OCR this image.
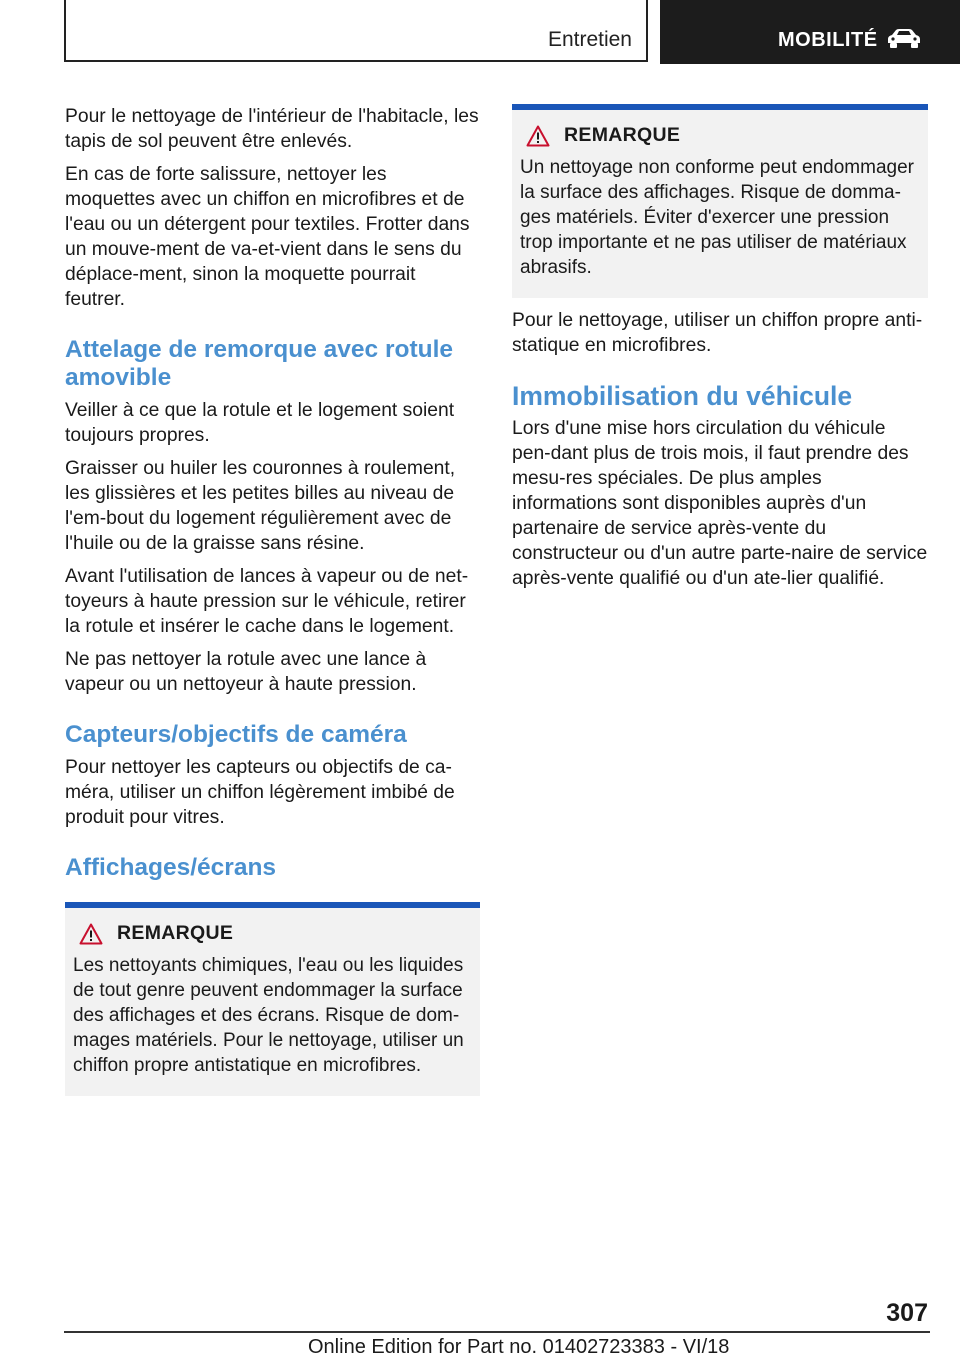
Entretien	MOBILITÉ

Pour le nettoyage de l'intérieur de l'habitacle, les tapis de sol peuvent être enlevés.

En cas de forte salissure, nettoyer les moquettes avec un chiffon en microfibres et de l'eau ou un détergent pour textiles. Frotter dans un mouve-ment de va-et-vient dans le sens du déplace-ment, sinon la moquette pourrait feutrer.

Attelage de remorque avec rotule amovible

Veiller à ce que la rotule et le logement soient toujours propres.

Graisser ou huiler les couronnes à roulement, les glissières et les petites billes au niveau de l'em-bout du logement régulièrement avec de l'huile ou de la graisse sans résine.

Avant l'utilisation de lances à vapeur ou de net-toyeurs à haute pression sur le véhicule, retirer la rotule et insérer le cache dans le logement.

Ne pas nettoyer la rotule avec une lance à vapeur ou un nettoyeur à haute pression.

Capteurs/objectifs de caméra

Pour nettoyer les capteurs ou objectifs de ca-méra, utiliser un chiffon légèrement imbibé de produit pour vitres.

Affichages/écrans
REMARQUE

Les nettoyants chimiques, l'eau ou les liquides de tout genre peuvent endommager la surface des affichages et des écrans. Risque de dom-mages matériels. Pour le nettoyage, utiliser un chiffon propre antistatique en microfibres.

REMARQUE

Un nettoyage non conforme peut endommager la surface des affichages. Risque de domma-ges matériels. Éviter d'exercer une pression trop importante et ne pas utiliser de matériaux abrasifs.

Pour le nettoyage, utiliser un chiffon propre anti-statique en microfibres.

Immobilisation du véhicule

Lors d'une mise hors circulation du véhicule pen-dant plus de trois mois, il faut prendre des mesu-res spéciales. De plus amples informations sont disponibles auprès d'un partenaire de service après-vente du constructeur ou d'un autre parte-naire de service après-vente qualifié ou d'un ate-lier qualifié.

307
Online Edition for Part no. 01402723383 - VI/18
